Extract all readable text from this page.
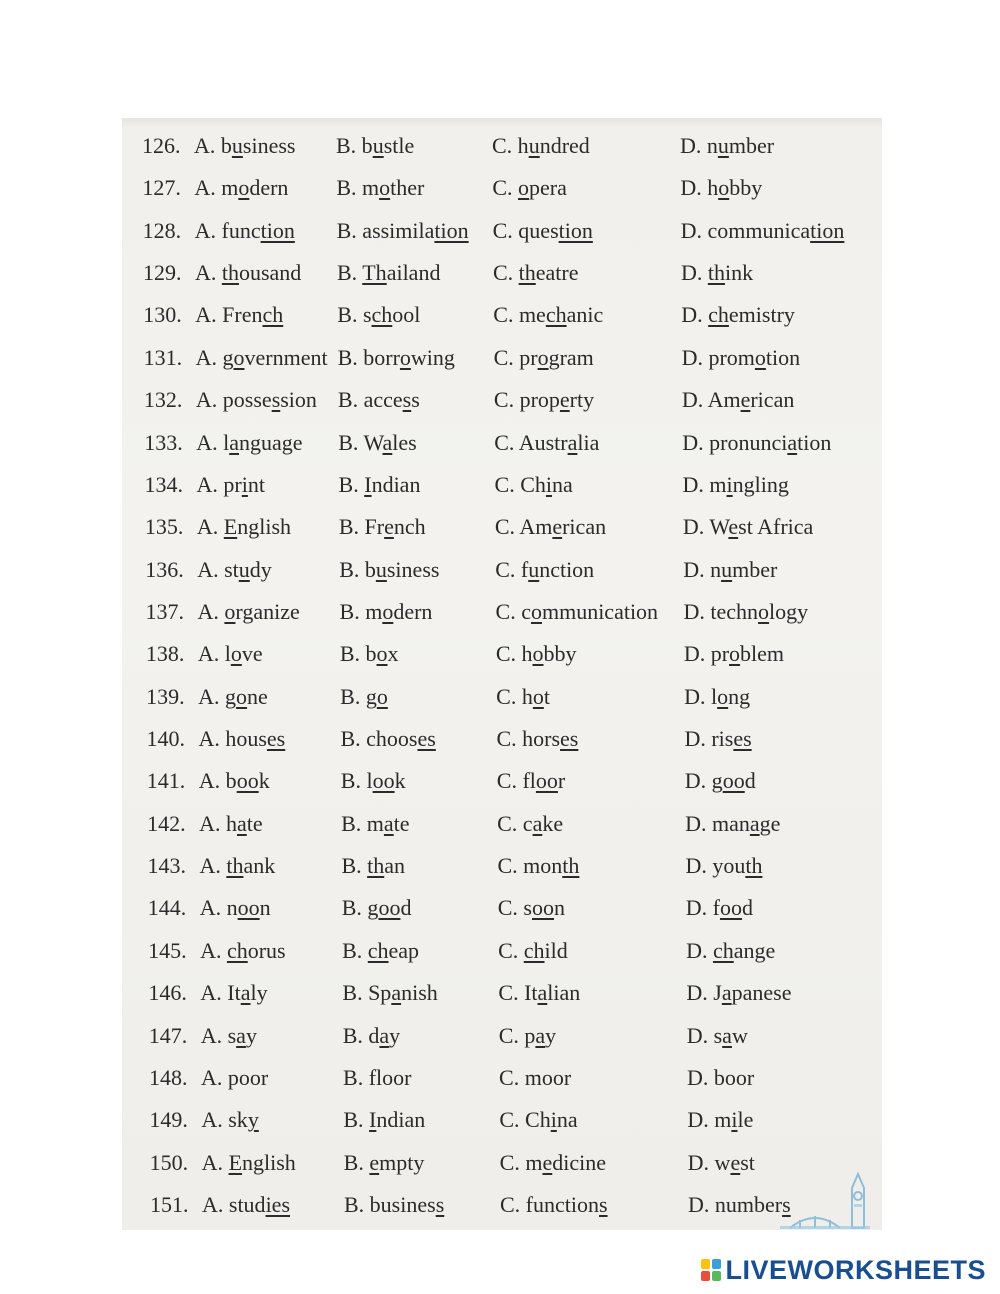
126. A. business B. bustle	C. hundred	D. number
127. A. modern B. mother	C. opera	D. hobby
128. A. function B. assimilation C. question	D. communication
129. A. thousand B. Thailand C. theatre	D. think
130. A. French B. school	C. mechanic	D. chemistry
131. A. government B. borrowing C. program	D. promotion
132. A. possession B. access	C. property	D. American
133. A. language B. Wales	C. Australia	D. pronunciation
134. A. print	B. Indian	C. China	D. mingling
135. A. English B. French	C. American	D. West Africa
136. A. study	B. business	C. function	D. number
137. A. organize B. modern	C. communication D. technology
138. A. love	B. box	C. hobby	D. problem
139. A. gone	B. go	C. hot	D. long
140. A. houses	B. chooses	C. horses	D. rises
141. A. book	B. look	C. floor	D. good
142. A. hate	B. mate	C. cake	D. manage
143. A. thank	B. than	C. month	D. youth
144. A. noon	B. good	C. soon	D. food
145. A. chorus	B. cheap	C. child	D. change
146. A. Italy	B. Spanish	C. Italian	D. Japanese
147. A. say	B. day	C. pay	D. saw
148. A. poor	B. floor	C. moor	D. boor
149. A. sky	B. Indian	C. China	D. mile
150. A. English B. empty	C. medicine	D. west
151. A. studies B. business	C. functions	D. numbers
LIVEWORKSHEETS
